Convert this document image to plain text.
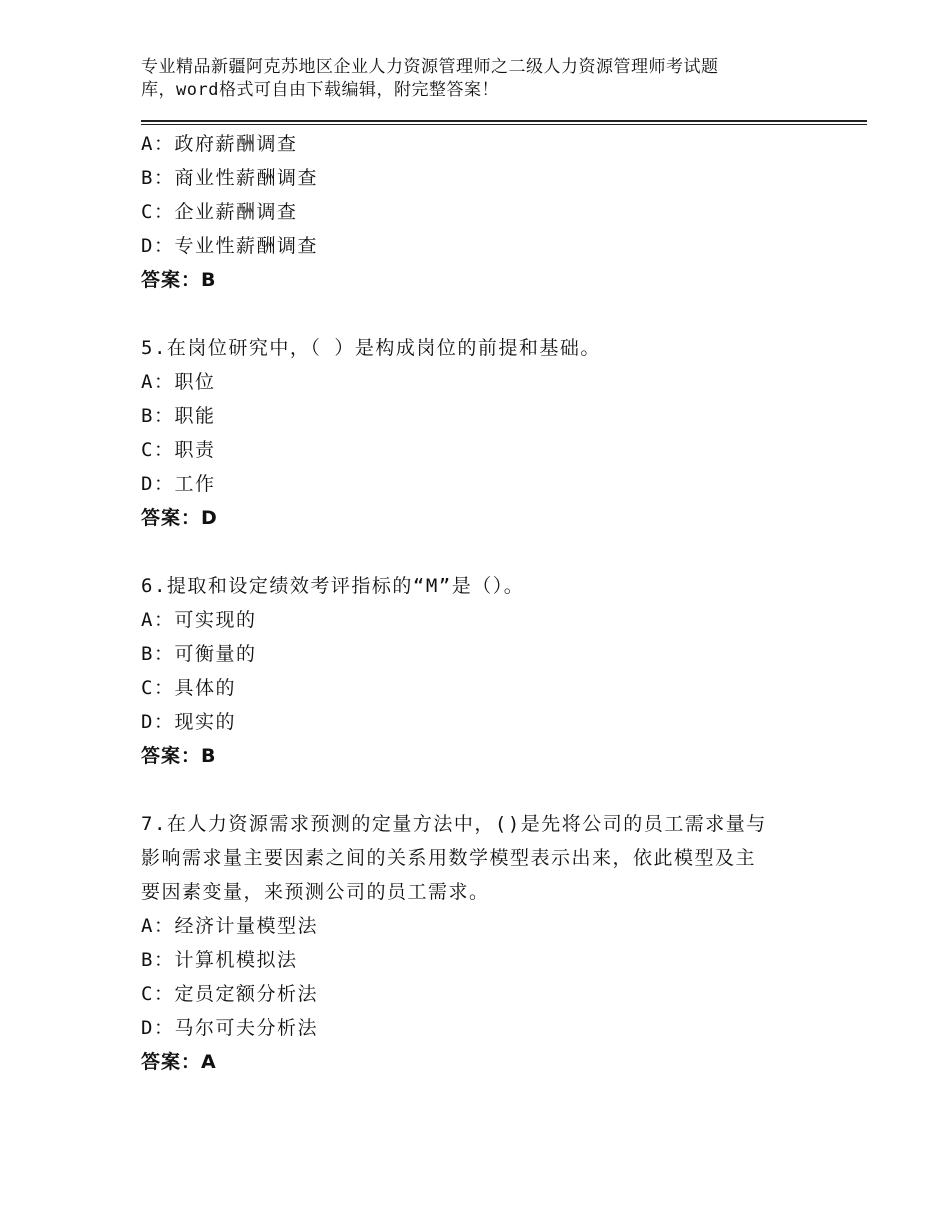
专业精品新疆阿克苏地区企业人力资源管理师之二级人力资源管理师考试题
库，word格式可自由下载编辑，附完整答案！
A：政府薪酬调查
B：商业性薪酬调查
C：企业薪酬调查
D：专业性薪酬调查
答案：B
5.在岗位研究中，（ ）是构成岗位的前提和基础。
A：职位
B：职能
C：职责
D：工作
答案：D
6.提取和设定绩效考评指标的“M”是（）。
A：可实现的
B：可衡量的
C：具体的
D：现实的
答案：B
7.在人力资源需求预测的定量方法中，()是先将公司的员工需求量与
影响需求量主要因素之间的关系用数学模型表示出来，依此模型及主
要因素变量，来预测公司的员工需求。
A：经济计量模型法
B：计算机模拟法
C：定员定额分析法
D：马尔可夫分析法
答案：A
